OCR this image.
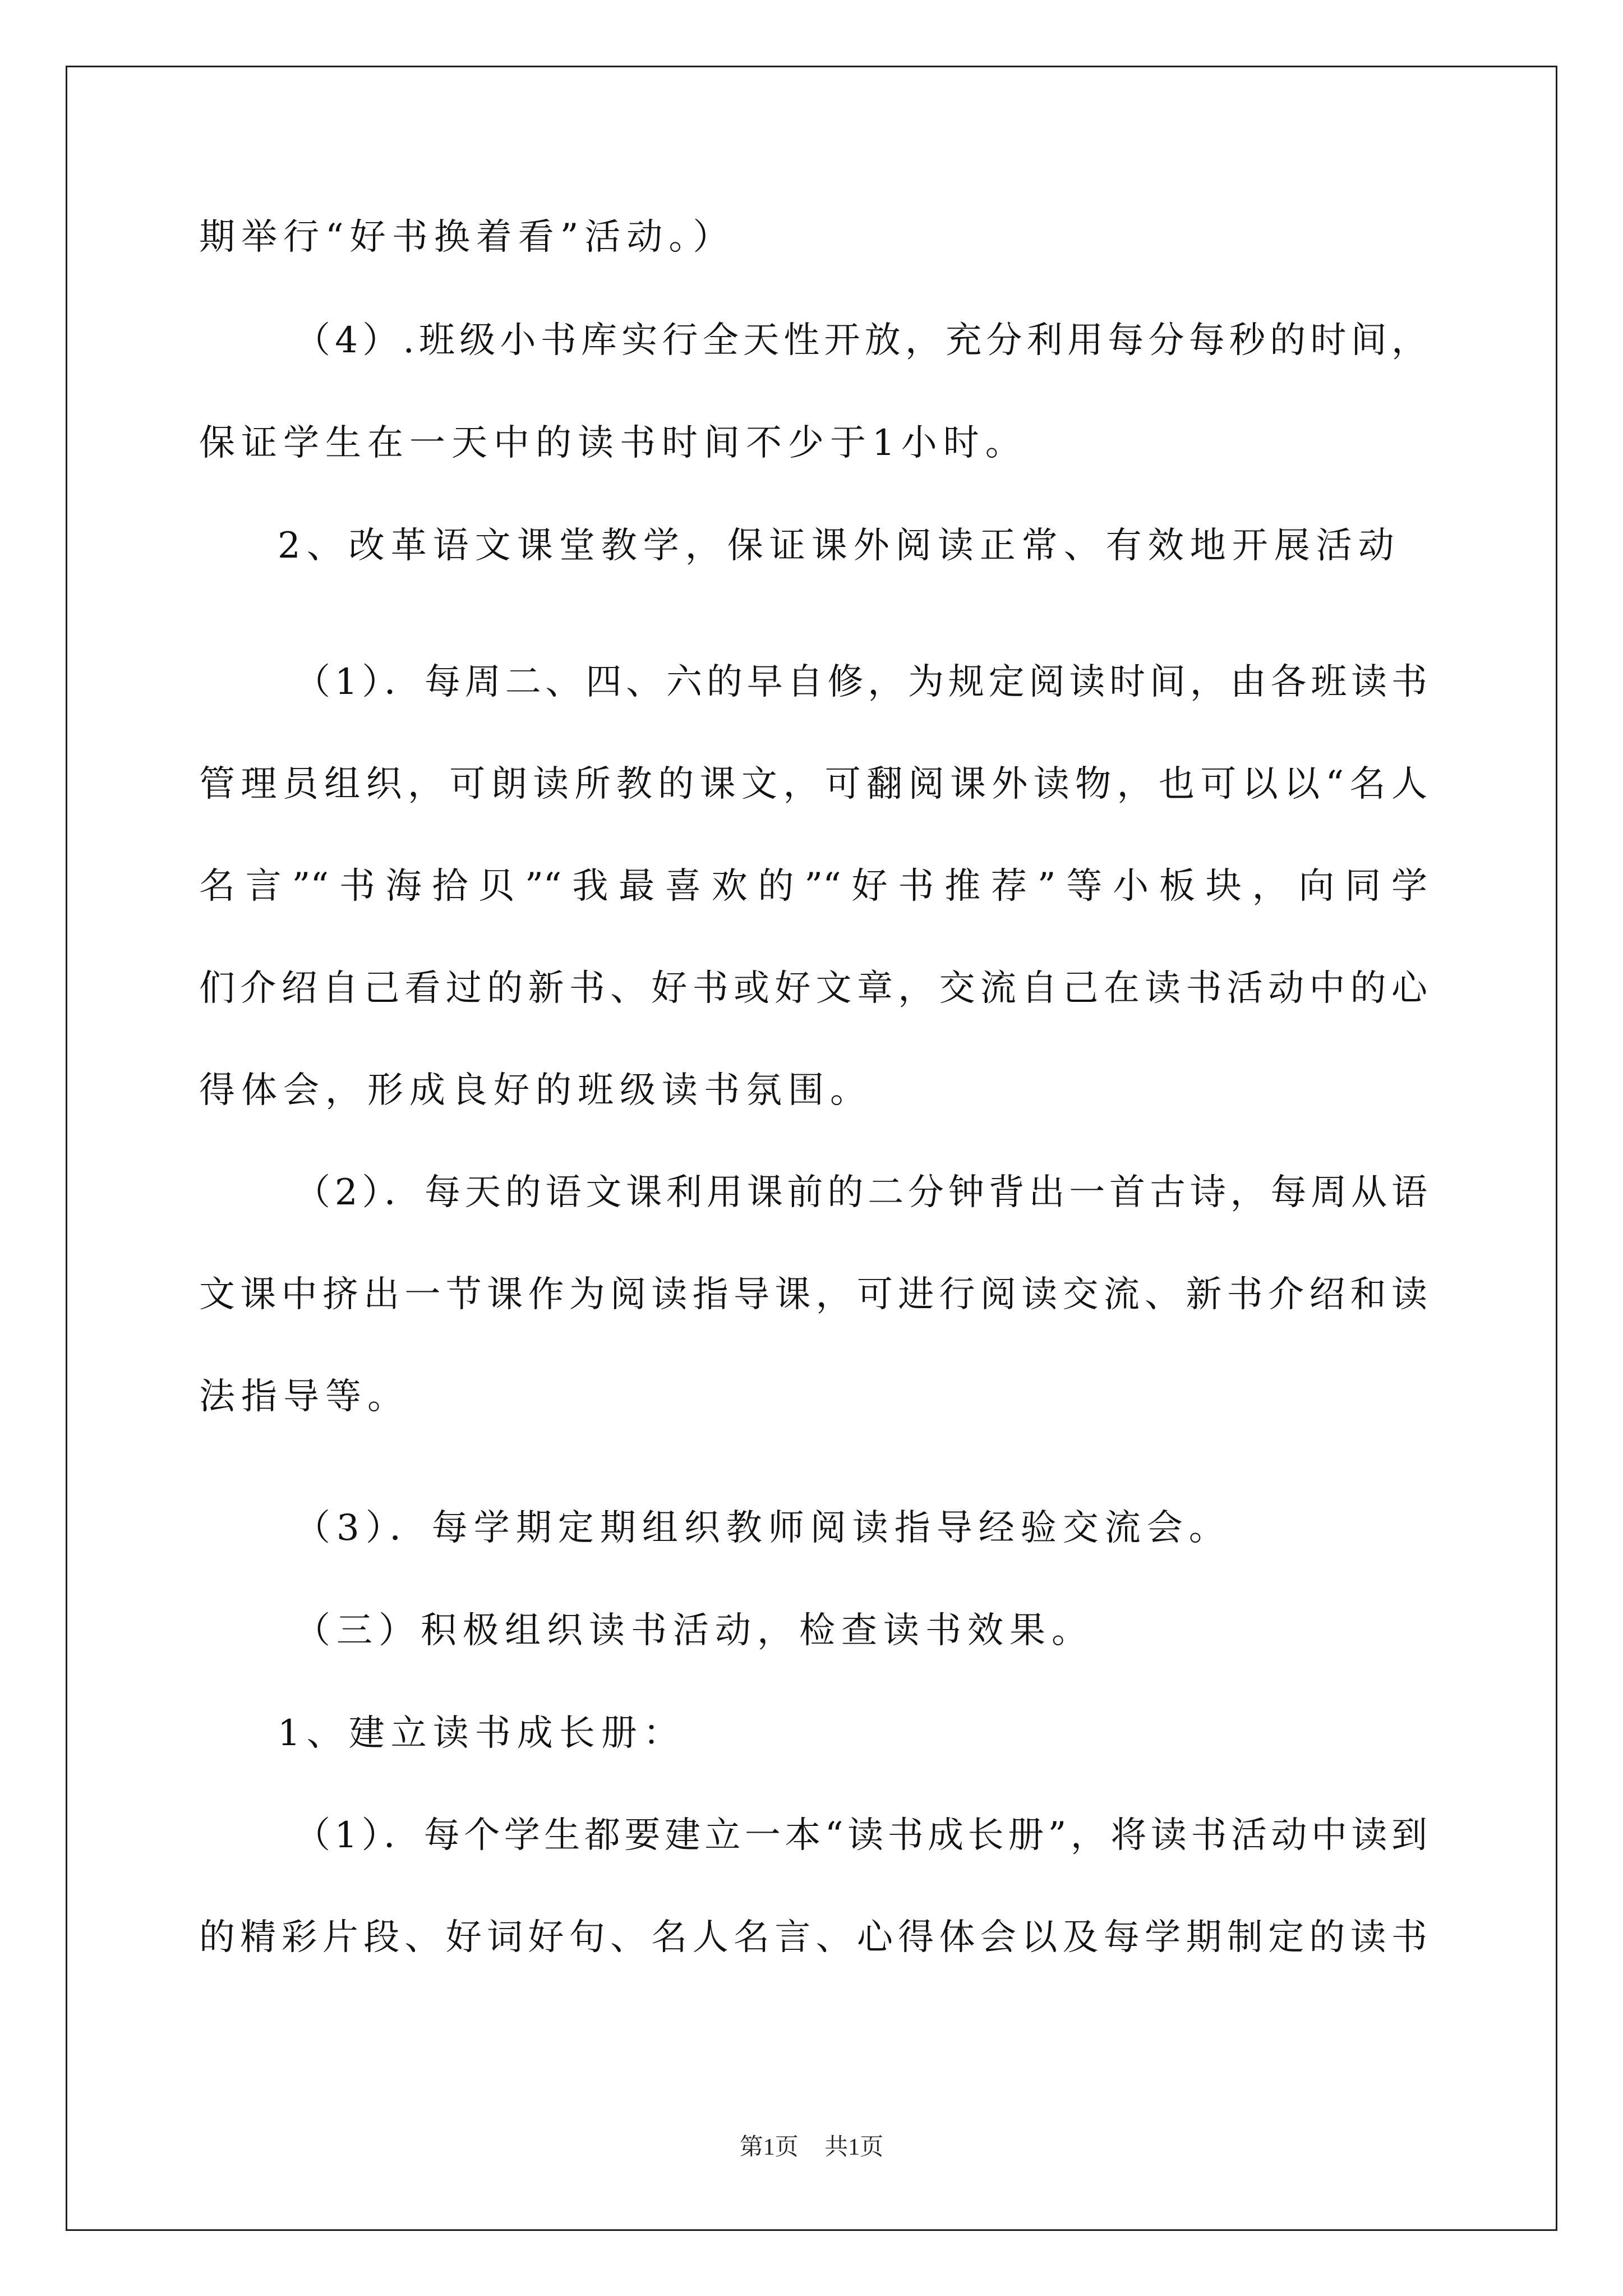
期举行“好书换着看”活动。）
（4）.班级小书库实行全天性开放，充分利用每分每秒的时间，
保证学生在一天中的读书时间不少于1小时。
2、改革语文课堂教学，保证课外阅读正常、有效地开展活动
（1）．每周二、四、六的早自修，为规定阅读时间，由各班读书
管理员组织，可朗读所教的课文，可翻阅课外读物，也可以以“名人
名言”“书海拾贝”“我最喜欢的”“好书推荐”等小板块，向同学
们介绍自己看过的新书、好书或好文章，交流自己在读书活动中的心
得体会，形成良好的班级读书氛围。
（2）．每天的语文课利用课前的二分钟背出一首古诗，每周从语
文课中挤出一节课作为阅读指导课，可进行阅读交流、新书介绍和读
法指导等。
（3）．每学期定期组织教师阅读指导经验交流会。
（三）积极组织读书活动，检查读书效果。
1、建立读书成长册：
（1）．每个学生都要建立一本“读书成长册”，将读书活动中读到
的精彩片段、好词好句、名人名言、心得体会以及每学期制定的读书
第1页 共1页
